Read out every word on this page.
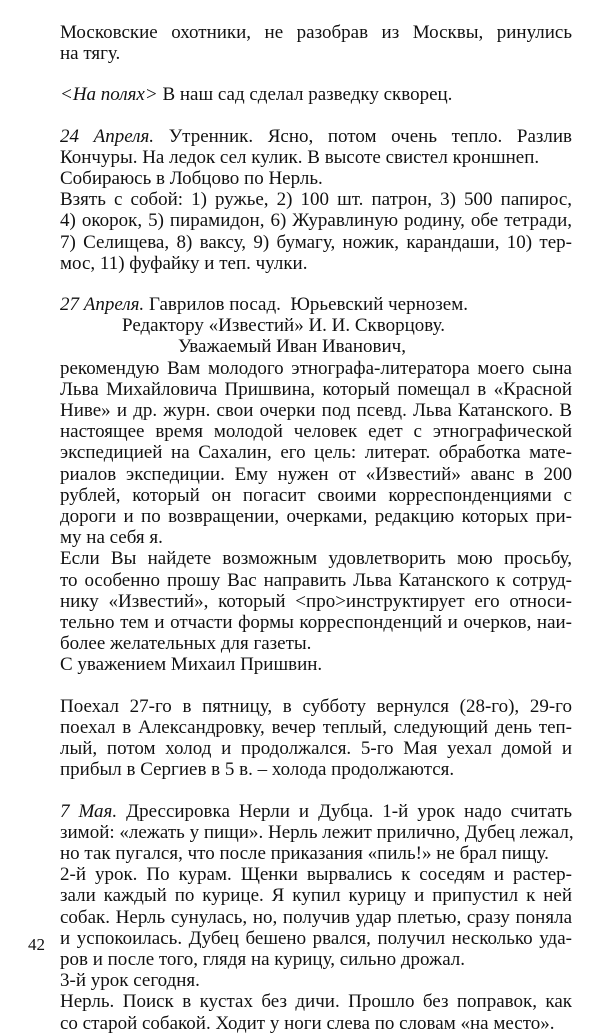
Московские охотники, не разобрав из Москвы, ринулись
на тягу.
<На полях> В наш сад сделал разведку скворец.
24 Апреля. Утренник. Ясно, потом очень тепло. Разлив
Кончуры. На ледок сел кулик. В высоте свистел кроншнеп.
Собираюсь в Лобцово по Нерль.
Взять с собой: 1) ружье, 2) 100 шт. патрон, 3) 500 папирос,
4) окорок, 5) пирамидон, 6) Журавлиную родину, обе тетради,
7) Селищева, 8) ваксу, 9) бумагу, ножик, карандаши, 10) тер-
мос, 11) фуфайку и теп. чулки.
27 Апреля. Гаврилов посад.  Юрьевский чернозем.
Редактору «Известий» И. И. Скворцову.
Уважаемый Иван Иванович,
рекомендую Вам молодого этнографа-литератора моего сына
Льва Михайловича Пришвина, который помещал в «Красной
Ниве» и др. журн. свои очерки под псевд. Льва Катанского. В
настоящее время молодой человек едет с этнографической
экспедицией на Сахалин, его цель: литерат. обработка мате-
риалов экспедиции. Ему нужен от «Известий» аванс в 200
рублей, который он погасит своими корреспонденциями с
дороги и по возвращении, очерками, редакцию которых при-
му на себя я.
Если Вы найдете возможным удовлетворить мою просьбу,
то особенно прошу Вас направить Льва Катанского к сотруд-
нику «Известий», который <про>инструктирует его относи-
тельно тем и отчасти формы корреспонденций и очерков, наи-
более желательных для газеты.
С уважением Михаил Пришвин.
Поехал 27-го в пятницу, в субботу вернулся (28-го), 29-го
поехал в Александровку, вечер теплый, следующий день теп-
лый, потом холод и продолжался. 5-го Мая уехал домой и
прибыл в Сергиев в 5 в. – холода продолжаются.
7 Мая. Дрессировка Нерли и Дубца. 1-й урок надо считать
зимой: «лежать у пищи». Нерль лежит прилично, Дубец лежал,
но так пугался, что после приказания «пиль!» не брал пищу.
2-й урок. По курам. Щенки вырвались к соседям и растер-
зали каждый по курице. Я купил курицу и припустил к ней
собак. Нерль сунулась, но, получив удар плетью, сразу поняла
и успокоилась. Дубец бешено рвался, получил несколько уда-
ров и после того, глядя на курицу, сильно дрожал.
3-й урок сегодня.
Нерль. Поиск в кустах без дичи. Прошло без поправок, как
со старой собакой. Ходит у ноги слева по словам «на место».
42
